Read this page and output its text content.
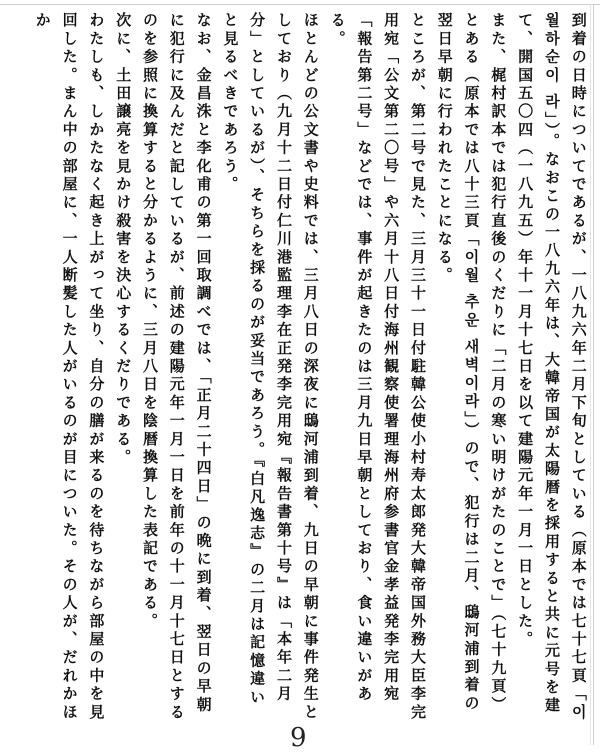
到着の日時についてであるが、一八九六年二月下旬としている（原本では七十七頁「이월하순이 라」）。なおこの一八九六年は、大韓帝国が太陽暦を採用すると共に元号を建て、開国五〇四（一八九五）年十一月十七日を以て建陽元年一月一日とした。

また、梶村訳本では犯行直後のくだりに「二月の寒い明けがたのことで」（七十九頁）とある（原本では八十三頁「이월 추운 새벽이라」）ので、犯行は二月、鴟河浦到着の翌日早朝に行われたことになる。

ところが、第二号で見た、三月三十一日付駐韓公使小村寿太郎発大韓帝国外務大臣李完用宛「公文第二〇号」や六月十八日付海州観察使署理海州府参書官金孝益発李完用宛「報告第二号」などでは、事件が起きたのは三月九日早朝としており、食い違いがある。

ほとんどの公文書や史料では、三月八日の深夜に鴟河浦到着、九日の早朝に事件発生としており（九月十二日付仁川港監理李在正発李完用宛『報告書第十号』は「本年二月分」としているが）、そちらを採るのが妥当であろう。『白凡逸志』の二月は記憶違いと見るべきであろう。

なお、金昌洙と李化甫の第一回取調べでは、「正月二十四日」の晩に到着、翌日の早朝に犯行に及んだと記しているが、前述の建陽元年一月一日を前年の十一月十七日とするのを参照に換算すると分かるように、三月八日を陰暦換算した表記である。

次に、土田譲亮を見かけ殺害を決心するくだりである。

わたしも、しかたなく起き上がって坐り、自分の膳が来るのを待ちながら部屋の中を見回した。まん中の部屋に、一人断髪した人がいるのが目についた。その人が、だれかほか

9
